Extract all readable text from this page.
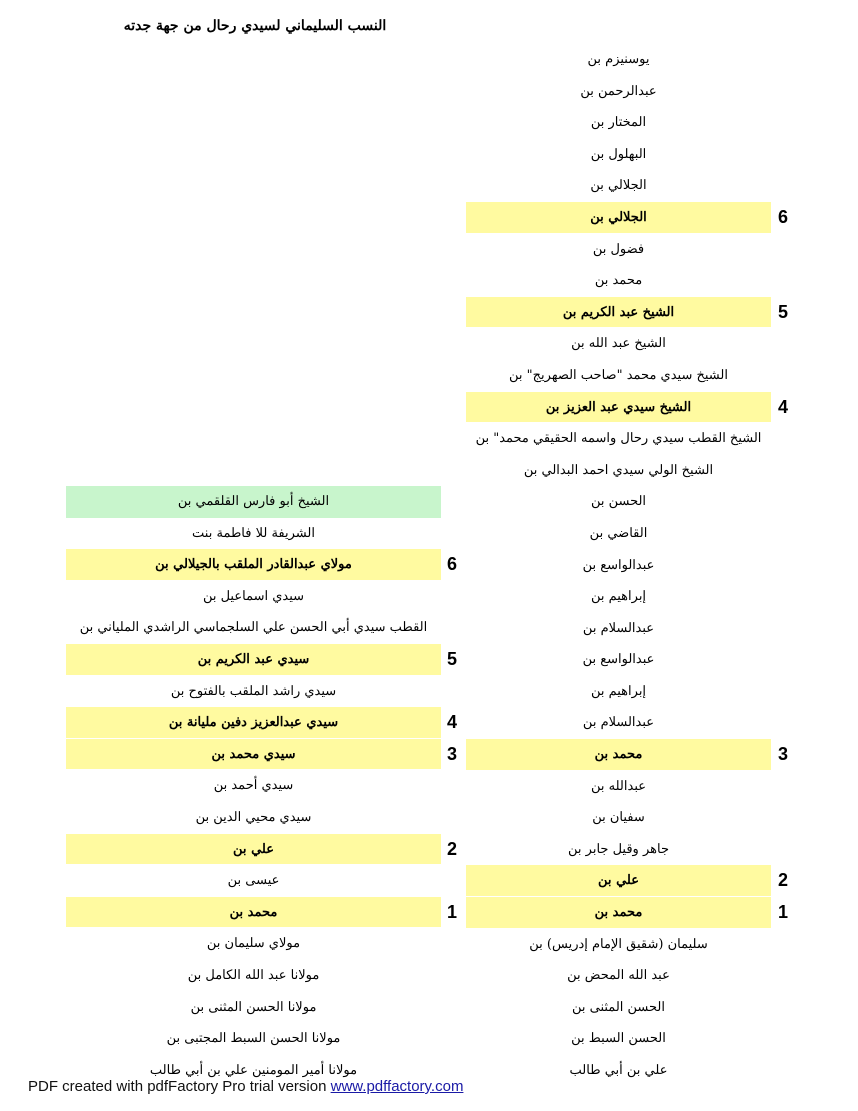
النسب السليماني لسيدي رحال من جهة جدته
يوسنيزم بن
عبدالرحمن بن
المختار بن
البهلول بن
الجلالي بن
الجلالي بن	6
فضول بن
محمد بن
الشيخ عبد الكريم بن	5
الشيخ عبد الله بن
الشيخ سيدي محمد "صاحب الصهريج" بن
الشيخ سيدي عبد العزيز بن	4
الشيخ القطب سيدي رحال واسمه الحقيقي محمد" بن
الشيخ الولي سيدي احمد البدالي بن
الحسن بن
القاضي بن
عبدالواسع بن
إبراهيم بن
عبدالسلام بن
عبدالواسع بن
إبراهيم بن
عبدالسلام بن
محمد بن	3
عبدالله بن
سفيان بن
جاهر وقيل جابر بن
علي بن	2
محمد بن	1
سليمان (شقيق الإمام إدريس) بن
عبد الله المحض بن
الحسن المثنى بن
الحسن السبط بن
علي بن أبي طالب
الشيخ أبو فارس القلقمي بن
الشريفة للا فاطمة بنت
مولاي عبدالقادر الملقب بالجيلالي بن	6
سيدي اسماعيل بن
القطب سيدي أبي الحسن علي السلجماسي الراشدي الملياني بن
سيدي عبد الكريم بن	5
سيدي راشد الملقب بالفتوح بن
سيدي عبدالعزيز دفين مليانة بن	4
سيدي محمد بن	3
سيدي أحمد بن
سيدي محيي الدين بن
علي بن	2
عيسى بن
محمد بن	1
مولاي سليمان بن
مولانا عبد الله الكامل بن
مولانا الحسن المثنى بن
مولانا الحسن السبط المجتبى بن
مولانا أمير المومنين علي بن أبي طالب
PDF created with pdfFactory Pro trial version www.pdffactory.com
